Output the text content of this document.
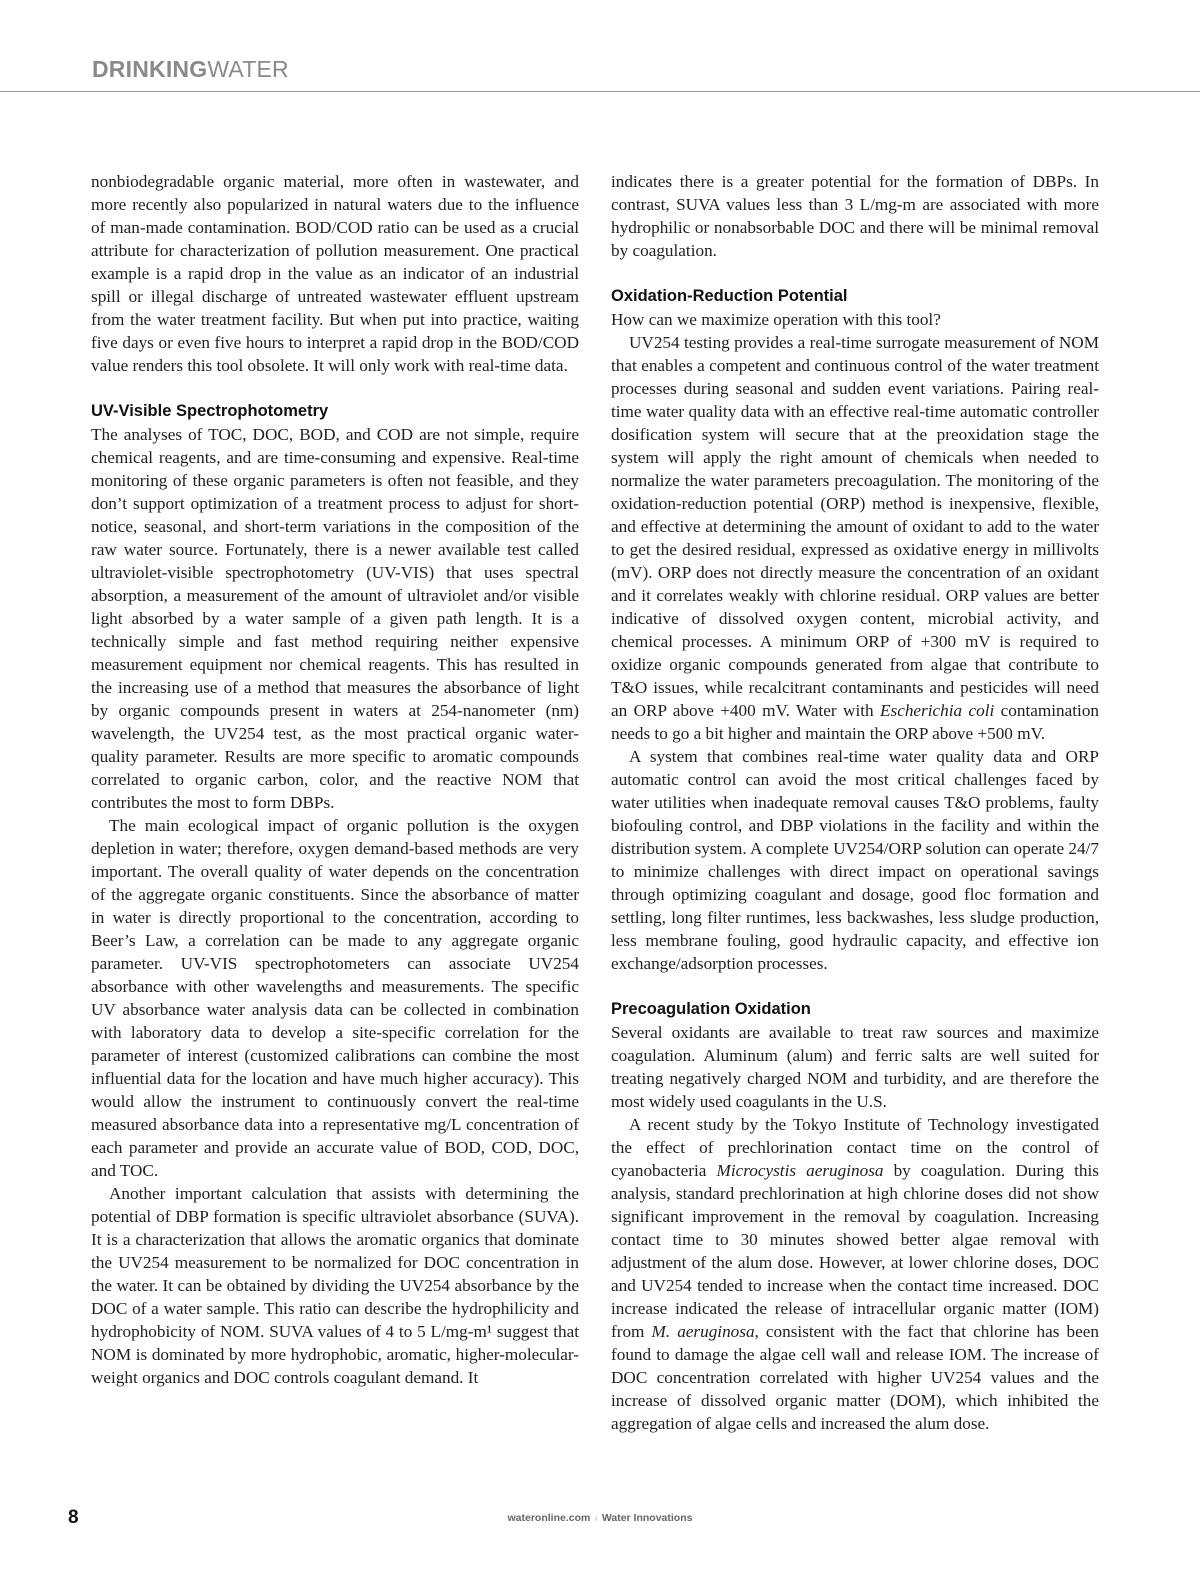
DRINKINGWATER

nonbiodegradable organic material, more often in wastewater, and more recently also popularized in natural waters due to the influence of man-made contamination. BOD/COD ratio can be used as a crucial attribute for characterization of pollution measurement. One practical example is a rapid drop in the value as an indicator of an industrial spill or illegal discharge of untreated wastewater effluent upstream from the water treatment facility. But when put into practice, waiting five days or even five hours to interpret a rapid drop in the BOD/COD value renders this tool obsolete. It will only work with real-time data.

UV-Visible Spectrophotometry

The analyses of TOC, DOC, BOD, and COD are not simple, require chemical reagents, and are time-consuming and expensive. Real-time monitoring of these organic parameters is often not feasible, and they don’t support optimization of a treatment process to adjust for short-notice, seasonal, and short-term variations in the composition of the raw water source. Fortunately, there is a newer available test called ultraviolet-visible spectrophotometry (UV-VIS) that uses spectral absorption, a measurement of the amount of ultraviolet and/or visible light absorbed by a water sample of a given path length. It is a technically simple and fast method requiring neither expensive measurement equipment nor chemical reagents. This has resulted in the increasing use of a method that measures the absorbance of light by organic compounds present in waters at 254-nanometer (nm) wavelength, the UV254 test, as the most practical organic water-quality parameter. Results are more specific to aromatic compounds correlated to organic carbon, color, and the reactive NOM that contributes the most to form DBPs.

The main ecological impact of organic pollution is the oxygen depletion in water; therefore, oxygen demand-based methods are very important. The overall quality of water depends on the concentration of the aggregate organic constituents. Since the absorbance of matter in water is directly proportional to the concentration, according to Beer’s Law, a correlation can be made to any aggregate organic parameter. UV-VIS spectrophotometers can associate UV254 absorbance with other wavelengths and measurements. The specific UV absorbance water analysis data can be collected in combination with laboratory data to develop a site-specific correlation for the parameter of interest (customized calibrations can combine the most influential data for the location and have much higher accuracy). This would allow the instrument to continuously convert the real-time measured absorbance data into a representative mg/L concentration of each parameter and provide an accurate value of BOD, COD, DOC, and TOC.

Another important calculation that assists with determining the potential of DBP formation is specific ultraviolet absorbance (SUVA). It is a characterization that allows the aromatic organics that dominate the UV254 measurement to be normalized for DOC concentration in the water. It can be obtained by dividing the UV254 absorbance by the DOC of a water sample. This ratio can describe the hydrophilicity and hydrophobicity of NOM. SUVA values of 4 to 5 L/mg-m¹ suggest that NOM is dominated by more hydrophobic, aromatic, higher-molecular-weight organics and DOC controls coagulant demand. It

indicates there is a greater potential for the formation of DBPs. In contrast, SUVA values less than 3 L/mg-m are associated with more hydrophilic or nonabsorbable DOC and there will be minimal removal by coagulation.

Oxidation-Reduction Potential

How can we maximize operation with this tool?

UV254 testing provides a real-time surrogate measurement of NOM that enables a competent and continuous control of the water treatment processes during seasonal and sudden event variations. Pairing real-time water quality data with an effective real-time automatic controller dosification system will secure that at the preoxidation stage the system will apply the right amount of chemicals when needed to normalize the water parameters precoagulation. The monitoring of the oxidation-reduction potential (ORP) method is inexpensive, flexible, and effective at determining the amount of oxidant to add to the water to get the desired residual, expressed as oxidative energy in millivolts (mV). ORP does not directly measure the concentration of an oxidant and it correlates weakly with chlorine residual. ORP values are better indicative of dissolved oxygen content, microbial activity, and chemical processes. A minimum ORP of +300 mV is required to oxidize organic compounds generated from algae that contribute to T&O issues, while recalcitrant contaminants and pesticides will need an ORP above +400 mV. Water with Escherichia coli contamination needs to go a bit higher and maintain the ORP above +500 mV.

A system that combines real-time water quality data and ORP automatic control can avoid the most critical challenges faced by water utilities when inadequate removal causes T&O problems, faulty biofouling control, and DBP violations in the facility and within the distribution system. A complete UV254/ORP solution can operate 24/7 to minimize challenges with direct impact on operational savings through optimizing coagulant and dosage, good floc formation and settling, long filter runtimes, less backwashes, less sludge production, less membrane fouling, good hydraulic capacity, and effective ion exchange/adsorption processes.

Precoagulation Oxidation

Several oxidants are available to treat raw sources and maximize coagulation. Aluminum (alum) and ferric salts are well suited for treating negatively charged NOM and turbidity, and are therefore the most widely used coagulants in the U.S.

A recent study by the Tokyo Institute of Technology investigated the effect of prechlorination contact time on the control of cyanobacteria Microcystis aeruginosa by coagulation. During this analysis, standard prechlorination at high chlorine doses did not show significant improvement in the removal by coagulation. Increasing contact time to 30 minutes showed better algae removal with adjustment of the alum dose. However, at lower chlorine doses, DOC and UV254 tended to increase when the contact time increased. DOC increase indicated the release of intracellular organic matter (IOM) from M. aeruginosa, consistent with the fact that chlorine has been found to damage the algae cell wall and release IOM. The increase of DOC concentration correlated with higher UV254 values and the increase of dissolved organic matter (DOM), which inhibited the aggregation of algae cells and increased the alum dose.

8	wateronline.com › Water Innovations
